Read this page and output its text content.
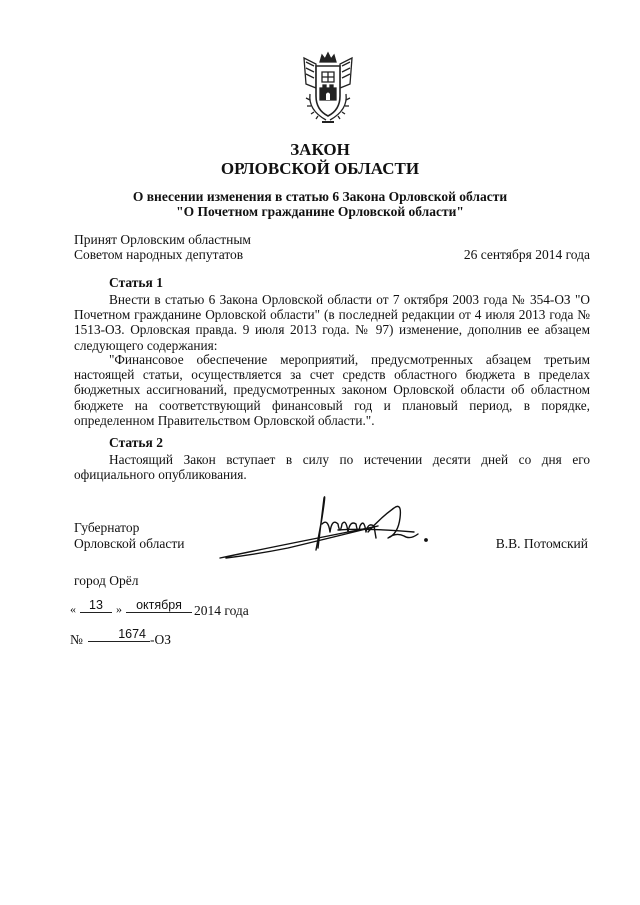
ЗАКОН
ОРЛОВСКОЙ ОБЛАСТИ
О внесении изменения в статью 6 Закона Орловской области
"О Почетном гражданине Орловской области"
Принят Орловским областным
Советом народных депутатов	26 сентября 2014 года
Статья 1

Внести в статью 6 Закона Орловской области от 7 октября 2003 года № 354-ОЗ "О Почетном гражданине Орловской области" (в последней редакции от 4 июля 2013 года № 1513-ОЗ. Орловская правда. 9 июля 2013 года. № 97) изменение, дополнив ее абзацем следующего содержания:

"Финансовое обеспечение мероприятий, предусмотренных абзацем третьим настоящей статьи, осуществляется за счет средств областного бюджета в пределах бюджетных ассигнований, предусмотренных законом Орловской области об областном бюджете на соответствующий финансовый год и плановый период, в порядке, определенном Правительством Орловской области.".

Статья 2

Настоящий Закон вступает в силу по истечении десяти дней со дня его официального опубликования.

Губернатор
Орловской области	В.В. Потомский
город Орёл
«	13	»	октября 2014 года
№	1674 -ОЗ
